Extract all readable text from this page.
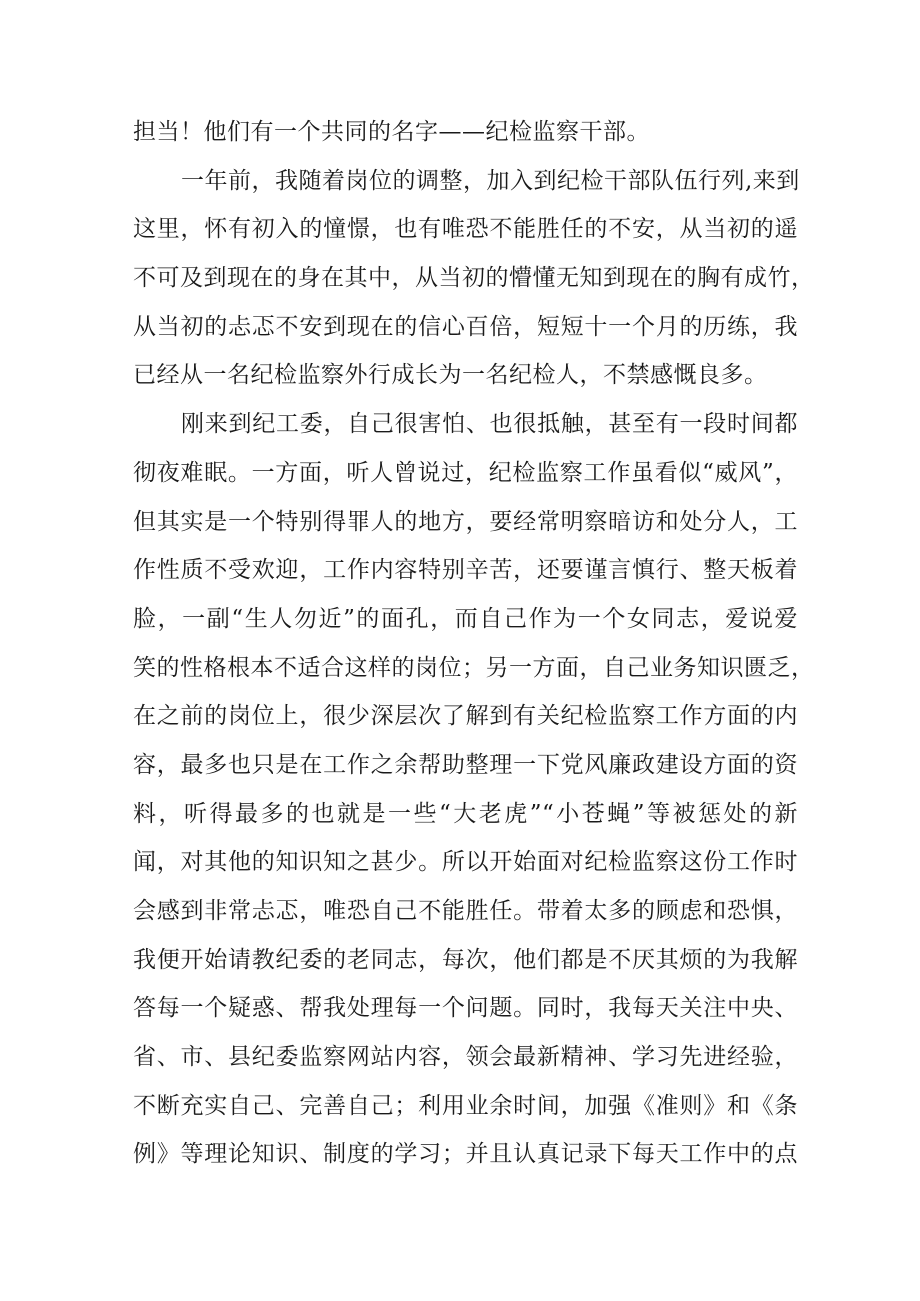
担当！他们有一个共同的名字——纪检监察干部。
一年前，我随着岗位的调整，加入到纪检干部队伍行列,来到
这里，怀有初入的憧憬，也有唯恐不能胜任的不安，从当初的遥
不可及到现在的身在其中，从当初的懵懂无知到现在的胸有成竹，
从当初的忐忑不安到现在的信心百倍，短短十一个月的历练，我
已经从一名纪检监察外行成长为一名纪检人，不禁感慨良多。
刚来到纪工委，自己很害怕、也很抵触，甚至有一段时间都
彻夜难眠。一方面，听人曾说过，纪检监察工作虽看似“威风”，
但其实是一个特别得罪人的地方，要经常明察暗访和处分人，工
作性质不受欢迎，工作内容特别辛苦，还要谨言慎行、整天板着
脸，一副“生人勿近”的面孔，而自己作为一个女同志，爱说爱
笑的性格根本不适合这样的岗位；另一方面，自己业务知识匮乏，
在之前的岗位上，很少深层次了解到有关纪检监察工作方面的内
容，最多也只是在工作之余帮助整理一下党风廉政建设方面的资
料，听得最多的也就是一些“大老虎”“小苍蝇”等被惩处的新
闻，对其他的知识知之甚少。所以开始面对纪检监察这份工作时
会感到非常忐忑，唯恐自己不能胜任。带着太多的顾虑和恐惧，
我便开始请教纪委的老同志，每次，他们都是不厌其烦的为我解
答每一个疑惑、帮我处理每一个问题。同时，我每天关注中央、
省、市、县纪委监察网站内容，领会最新精神、学习先进经验，
不断充实自己、完善自己；利用业余时间，加强《准则》和《条
例》等理论知识、制度的学习；并且认真记录下每天工作中的点
